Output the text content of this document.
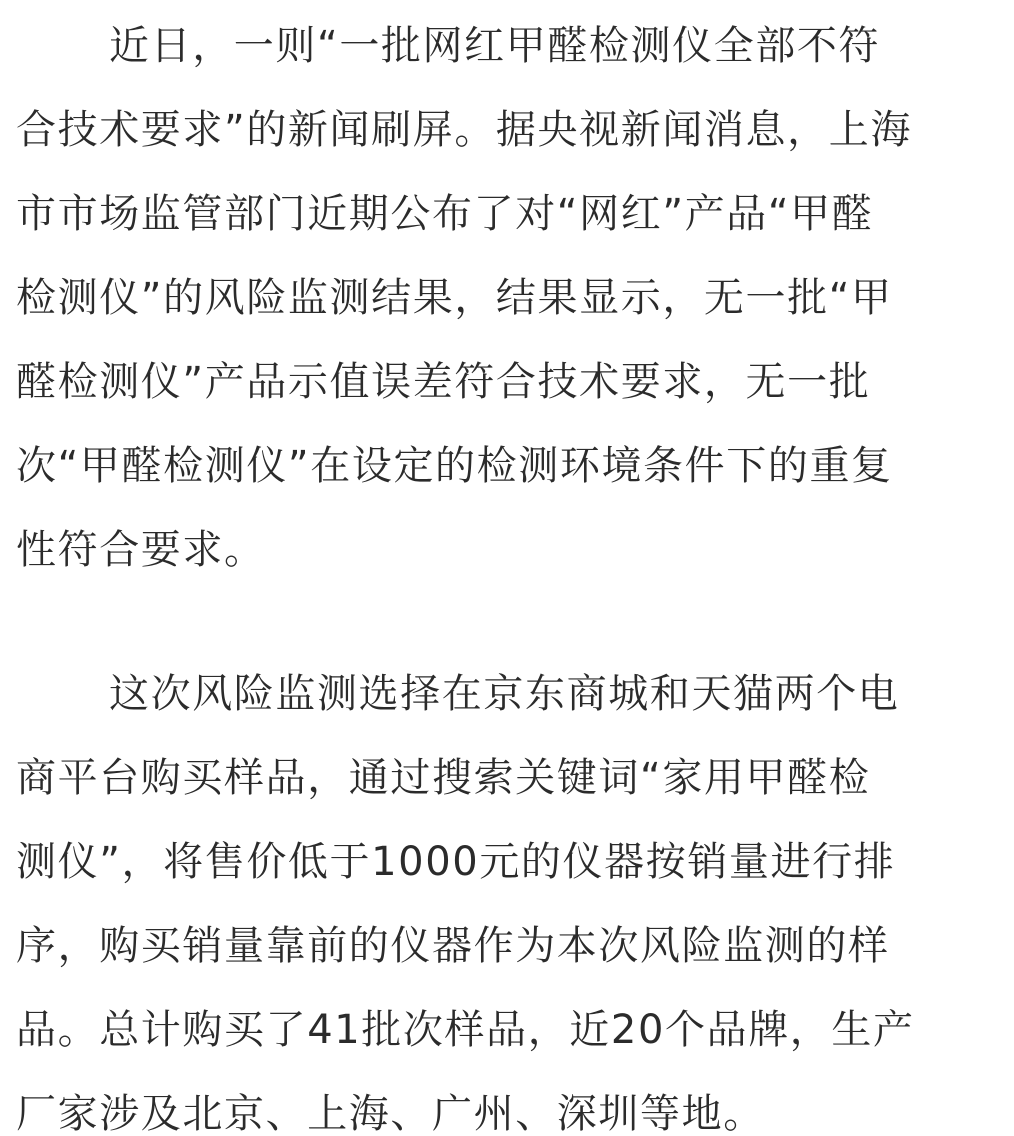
近日，一则“一批网红甲醛检测仪全部不符
合技术要求”的新闻刷屏。据央视新闻消息，上海
市市场监管部门近期公布了对“网红”产品“甲醛
检测仪”的风险监测结果，结果显示，无一批“甲
醛检测仪”产品示值误差符合技术要求，无一批
次“甲醛检测仪”在设定的检测环境条件下的重复
性符合要求。
这次风险监测选择在京东商城和天猫两个电
商平台购买样品，通过搜索关键词“家用甲醛检
测仪”，将售价低于1000元的仪器按销量进行排
序，购买销量靠前的仪器作为本次风险监测的样
品。总计购买了41批次样品，近20个品牌，生产
厂家涉及北京、上海、广州、深圳等地。
